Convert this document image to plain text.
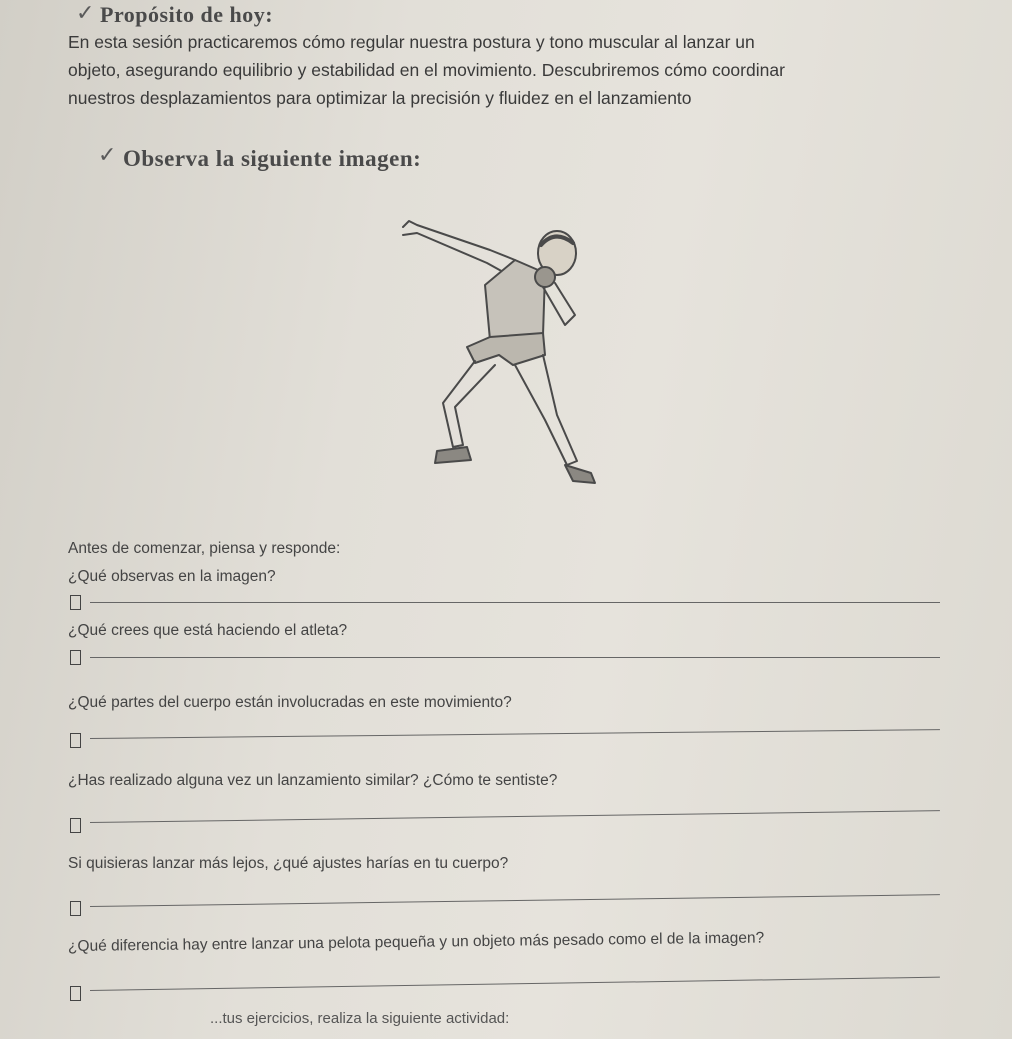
✓ Propósito de hoy:

En esta sesión practicaremos cómo regular nuestra postura y tono muscular al lanzar un

objeto, asegurando equilibrio y estabilidad en el movimiento. Descubriremos cómo coordinar

nuestros desplazamientos para optimizar la precisión y fluidez en el lanzamiento

✓ Observa la siguiente imagen:
Antes de comenzar, piensa y responde:
¿Qué observas en la imagen?
¿Qué crees que está haciendo el atleta?
¿Qué partes del cuerpo están involucradas en este movimiento?
¿Has realizado alguna vez un lanzamiento similar? ¿Cómo te sentiste?
Si quisieras lanzar más lejos, ¿qué ajustes harías en tu cuerpo?
¿Qué diferencia hay entre lanzar una pelota pequeña y un objeto más pesado como el de la imagen?
...tus ejercicios, realiza la siguiente actividad:
